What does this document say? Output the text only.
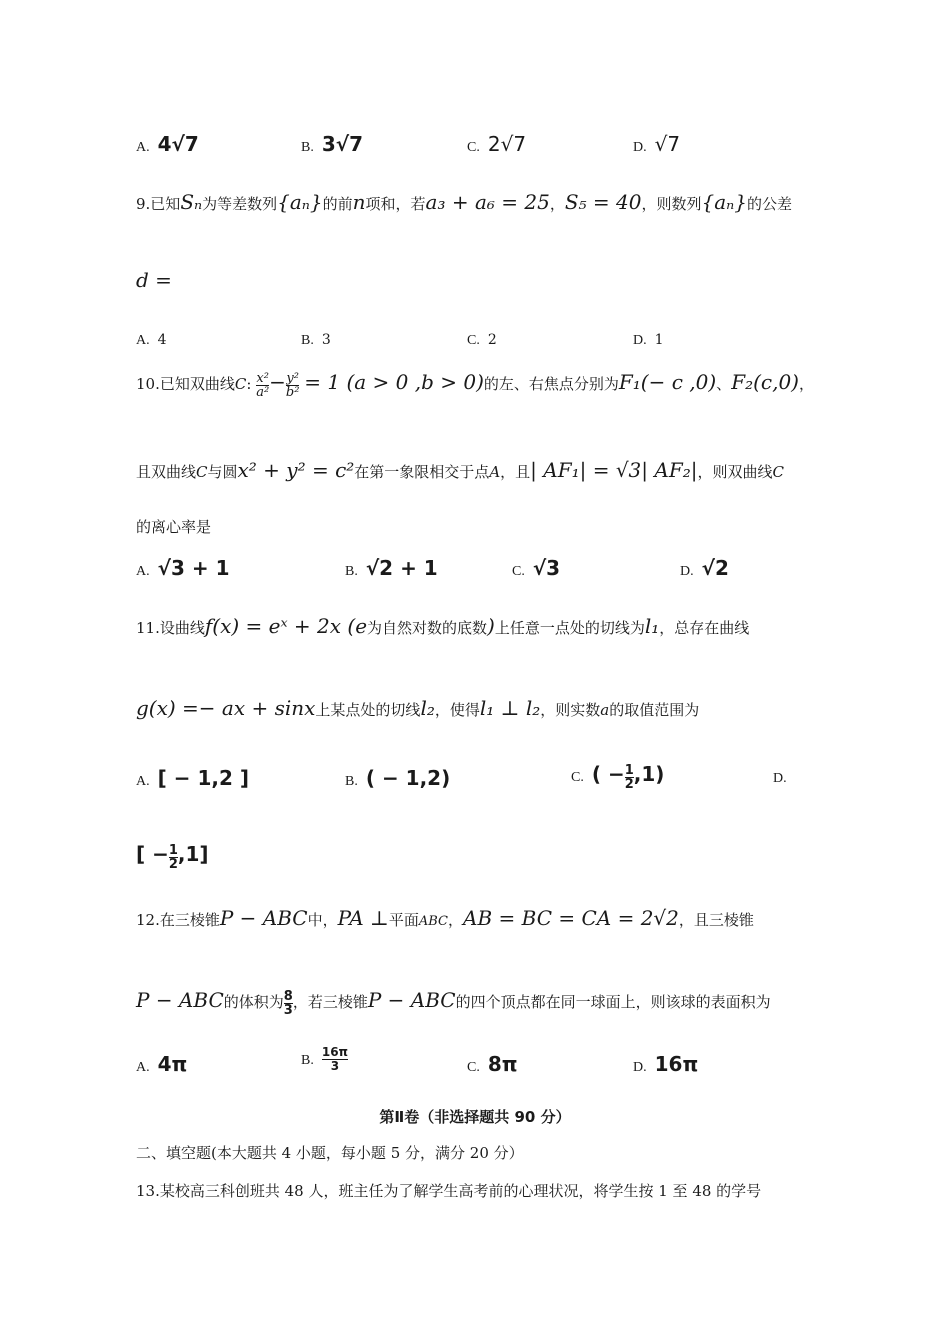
A. 4√7	B. 3√7	C. 2√7	D. √7
9.已知Sₙ为等差数列{aₙ}的前n项和，若a₃ + a₆ = 25，S₅ = 40，则数列{aₙ}的公差
d =
A. 4	B. 3	C. 2	D. 1
10.已知双曲线C: $\frac{\text{x²}}{\text{a²}} - \frac{\text{y²}}{\text{b²}} = 1$ (a > 0 ,b > 0)的左、右焦点分别为F₁(− c ,0)、F₂(c,0)，
且双曲线C与圆x² + y² = c²在第一象限相交于点A，且| AF₁| = √3| AF₂|，则双曲线C
的离心率是
A. √3 + 1	B. √2 + 1	C. √3	D. √2
11.设曲线f(x) = eˣ + 2x (e为自然对数的底数)上任意一点处的切线为l₁，总存在曲线
g(x) =− ax + sinx上某点处的切线l₂，使得l₁ ⊥ l₂，则实数a的取值范围为
A. [ − 1,2 ]	B. ( − 1,2)	C. ( − $\frac{1}{2} ,1$)	D.
[ − $\frac{1}{2} ,1$]
12.在三棱锥P − ABC中，PA ⊥平面ABC，AB = BC = CA = 2√2，且三棱锥
P − ABC的体积为 $\frac{8}{3}$ ，若三棱锥P − ABC的四个顶点都在同一球面上，则该球的表面积为
A. 4π	B. $\frac{16\pi}{3}$	C. 8π	D. 16π
第Ⅱ卷（非选择题共 90 分）
二、填空题(本大题共 4 小题，每小题 5 分，满分 20 分）
13.某校高三科创班共 48 人，班主任为了解学生高考前的心理状况，将学生按 1 至 48 的学号
